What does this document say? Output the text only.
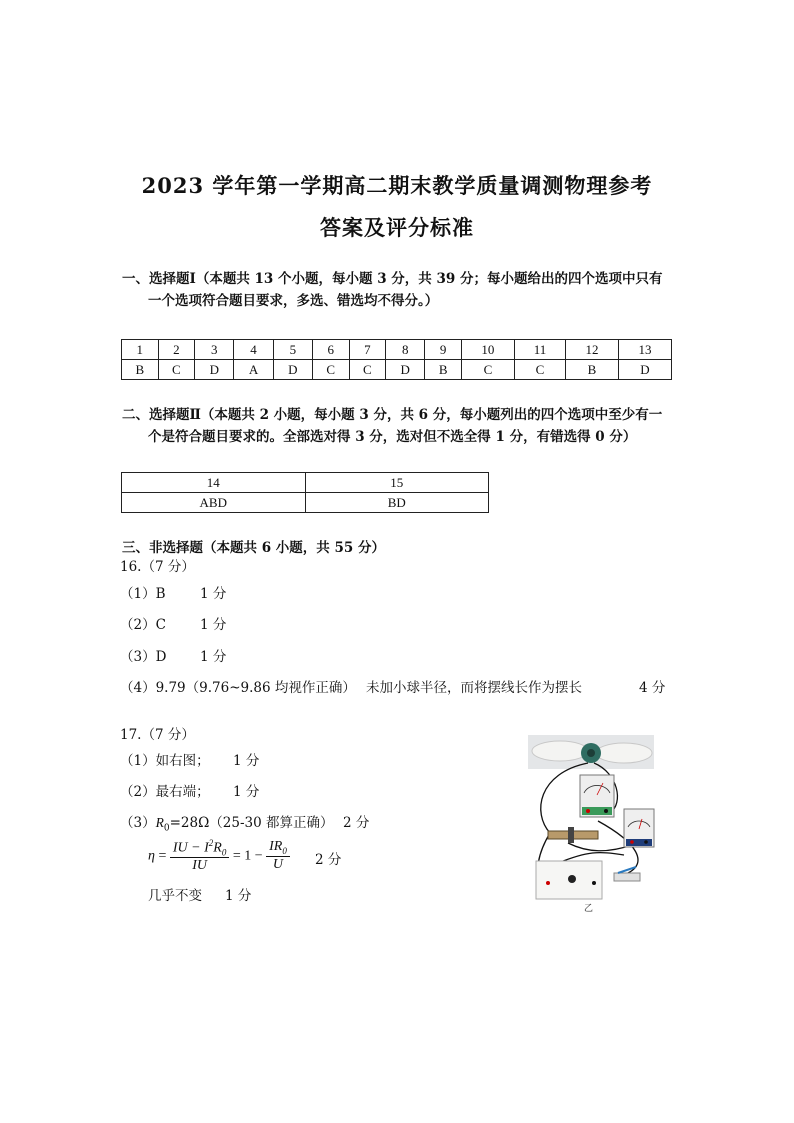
2023 学年第一学期高二期末教学质量调测物理参考
答案及评分标准
一、选择题Ⅰ（本题共 13 个小题，每小题 3 分，共 39 分；每小题给出的四个选项中只有
一个选项符合题目要求，多选、错选均不得分。）
1	2	3	4	5	6	7	8	9	10	11	12	13
B	C	D	A	D	C	C	D	B	C	C	B	D
二、选择题Ⅱ（本题共 2 小题，每小题 3 分，共 6 分，每小题列出的四个选项中至少有一
个是符合题目要求的。全部选对得 3 分，选对但不选全得 1 分，有错选得 0 分）
14	15
ABD	BD
三、非选择题（本题共 6 小题，共 55 分）
16.（7 分）
（1）B	1 分
（2）C	1 分
（3）D 1 分
（4）9.79（9.76~9.86 均视作正确） 未加小球半径，而将摆线长作为摆长	4 分
17.（7 分）
（1）如右图； 1 分
（2）最右端； 1 分
$(3)R_0=28\Omega(25-30$ 都算正确） 2 分
$\eta = \frac{IU - I^2R_0}{IU} = 1 - \frac{IR_0}{U} 2$ 分
几乎不变 1 分
乙
